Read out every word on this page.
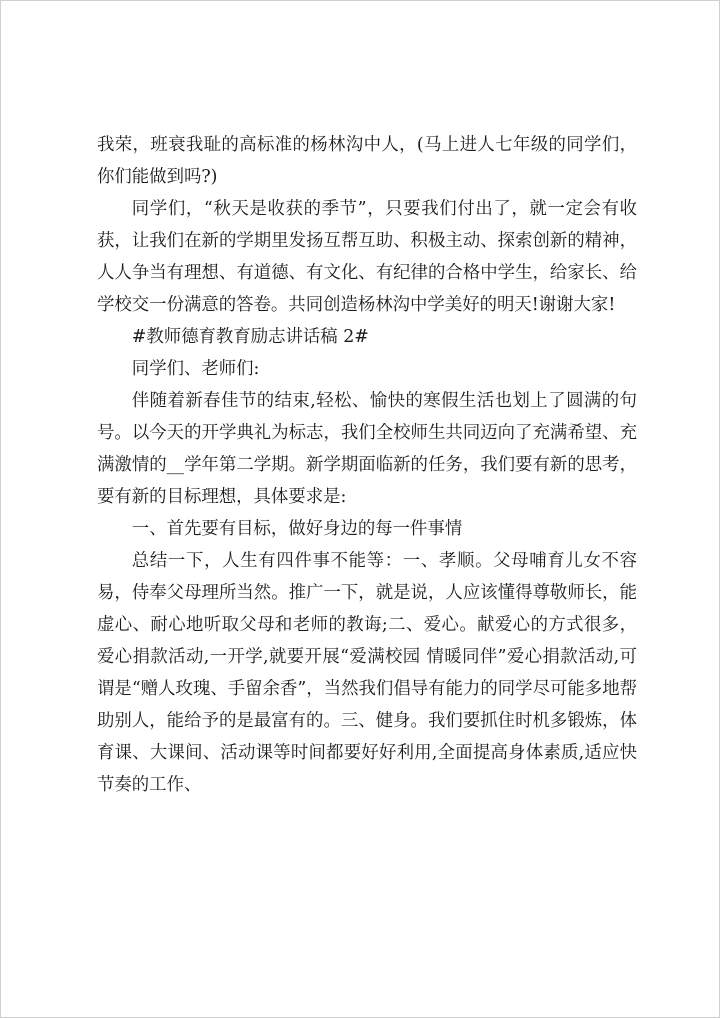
我荣，班衰我耻的高标准的杨林沟中人，(马上进人七年级的同学们，你们能做到吗?)

同学们，“秋天是收获的季节”，只要我们付出了，就一定会有收获，让我们在新的学期里发扬互帮互助、积极主动、探索创新的精神，人人争当有理想、有道德、有文化、有纪律的合格中学生，给家长、给学校交一份满意的答卷。共同创造杨林沟中学美好的明天!谢谢大家!

#教师德育教育励志讲话稿 2#

同学们、老师们:

伴随着新春佳节的结束,轻松、愉快的寒假生活也划上了圆满的句号。以今天的开学典礼为标志，我们全校师生共同迈向了充满希望、充满激情的__学年第二学期。新学期面临新的任务，我们要有新的思考，要有新的目标理想，具体要求是:

一、首先要有目标，做好身边的每一件事情

总结一下，人生有四件事不能等：一、孝顺。父母哺育儿女不容易，侍奉父母理所当然。推广一下，就是说，人应该懂得尊敬师长，能虚心、耐心地听取父母和老师的教诲;二、爱心。献爱心的方式很多，爱心捐款活动,一开学,就要开展“爱满校园 情暖同伴”爱心捐款活动,可谓是“赠人玫瑰、手留余香”，当然我们倡导有能力的同学尽可能多地帮助别人，能给予的是最富有的。三、健身。我们要抓住时机多锻炼，体育课、大课间、活动课等时间都要好好利用,全面提高身体素质,适应快节奏的工作、
